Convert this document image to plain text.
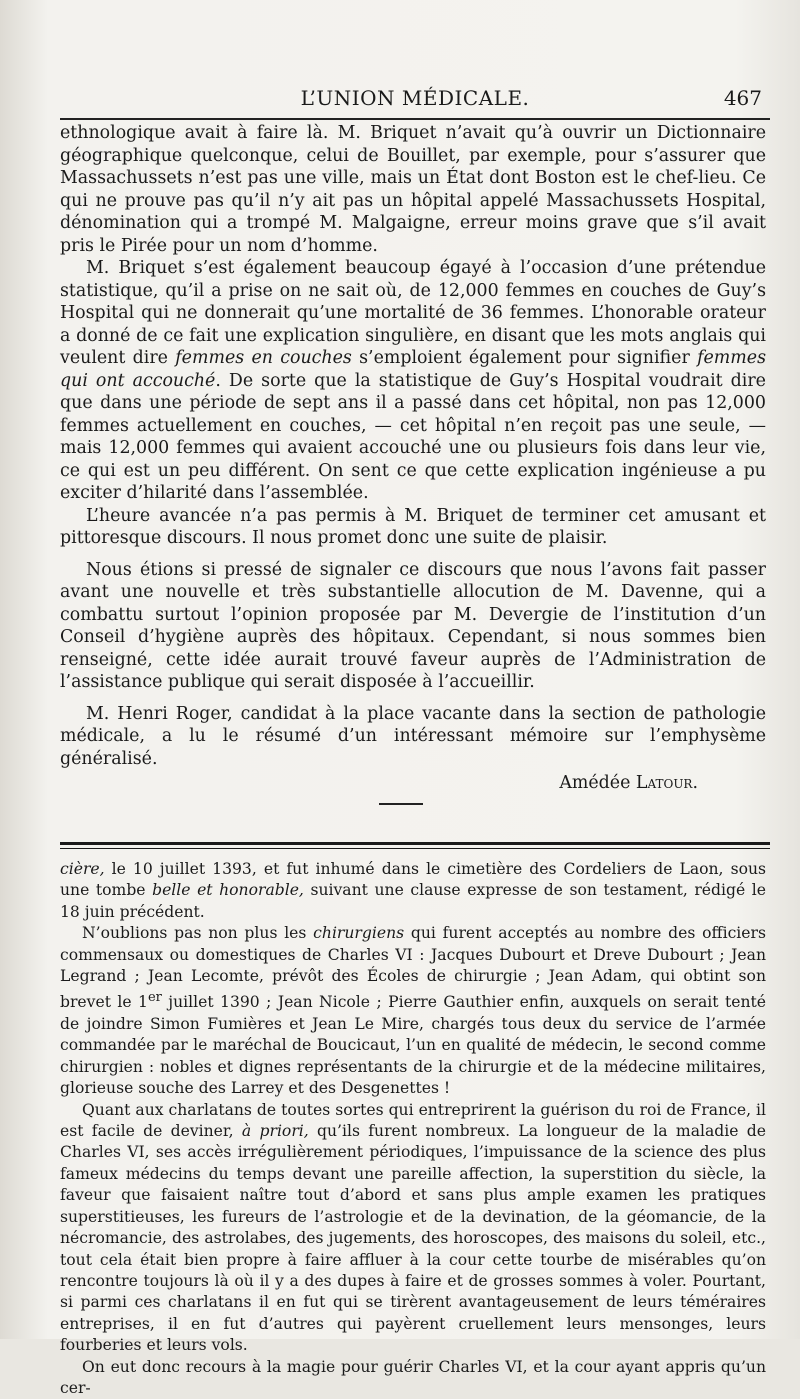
L’UNION MÉDICALE.	467

ethnologique avait à faire là. M. Briquet n’avait qu’à ouvrir un Dictionnaire géographique quelconque, celui de Bouillet, par exemple, pour s’assurer que Massachussets n’est pas une ville, mais un État dont Boston est le chef-lieu. Ce qui ne prouve pas qu’il n’y ait pas un hôpital appelé Massachussets Hospital, dénomination qui a trompé M. Malgaigne, erreur moins grave que s’il avait pris le Pirée pour un nom d’homme.

M. Briquet s’est également beaucoup égayé à l’occasion d’une prétendue statistique, qu’il a prise on ne sait où, de 12,000 femmes en couches de Guy’s Hospital qui ne donnerait qu’une mortalité de 36 femmes. L’honorable orateur a donné de ce fait une explication singulière, en disant que les mots anglais qui veulent dire femmes en couches s’emploient également pour signifier femmes qui ont accouché. De sorte que la statistique de Guy’s Hospital voudrait dire que dans une période de sept ans il a passé dans cet hôpital, non pas 12,000 femmes actuellement en couches, — cet hôpital n’en reçoit pas une seule, — mais 12,000 femmes qui avaient accouché une ou plusieurs fois dans leur vie, ce qui est un peu différent. On sent ce que cette explication ingénieuse a pu exciter d’hilarité dans l’assemblée.

L’heure avancée n’a pas permis à M. Briquet de terminer cet amusant et pittoresque discours. Il nous promet donc une suite de plaisir.

Nous étions si pressé de signaler ce discours que nous l’avons fait passer avant une nouvelle et très substantielle allocution de M. Davenne, qui a combattu surtout l’opinion proposée par M. Devergie de l’institution d’un Conseil d’hygiène auprès des hôpitaux. Cependant, si nous sommes bien renseigné, cette idée aurait trouvé faveur auprès de l’Administration de l’assistance publique qui serait disposée à l’accueillir.

M. Henri Roger, candidat à la place vacante dans la section de pathologie médicale, a lu le résumé d’un intéressant mémoire sur l’emphysème généralisé.

Amédée Latour.

cière, le 10 juillet 1393, et fut inhumé dans le cimetière des Cordeliers de Laon, sous une tombe belle et honorable, suivant une clause expresse de son testament, rédigé le 18 juin précédent.

N’oublions pas non plus les chirurgiens qui furent acceptés au nombre des officiers commensaux ou domestiques de Charles VI : Jacques Dubourt et Dreve Dubourt ; Jean Legrand ; Jean Lecomte, prévôt des Écoles de chirurgie ; Jean Adam, qui obtint son brevet le 1er juillet 1390 ; Jean Nicole ; Pierre Gauthier enfin, auxquels on serait tenté de joindre Simon Fumières et Jean Le Mire, chargés tous deux du service de l’armée commandée par le maréchal de Boucicaut, l’un en qualité de médecin, le second comme chirurgien : nobles et dignes représentants de la chirurgie et de la médecine militaires, glorieuse souche des Larrey et des Desgenettes !

Quant aux charlatans de toutes sortes qui entreprirent la guérison du roi de France, il est facile de deviner, à priori, qu’ils furent nombreux. La longueur de la maladie de Charles VI, ses accès irrégulièrement périodiques, l’impuissance de la science des plus fameux médecins du temps devant une pareille affection, la superstition du siècle, la faveur que faisaient naître tout d’abord et sans plus ample examen les pratiques superstitieuses, les fureurs de l’astrologie et de la devination, de la géomancie, de la nécromancie, des astrolabes, des jugements, des horoscopes, des maisons du soleil, etc., tout cela était bien propre à faire affluer à la cour cette tourbe de misérables qu’on rencontre toujours là où il y a des dupes à faire et de grosses sommes à voler. Pourtant, si parmi ces charlatans il en fut qui se tirèrent avantageusement de leurs téméraires entreprises, il en fut d’autres qui payèrent cruellement leurs mensonges, leurs fourberies et leurs vols.

On eut donc recours à la magie pour guérir Charles VI, et la cour ayant appris qu’un cer-
